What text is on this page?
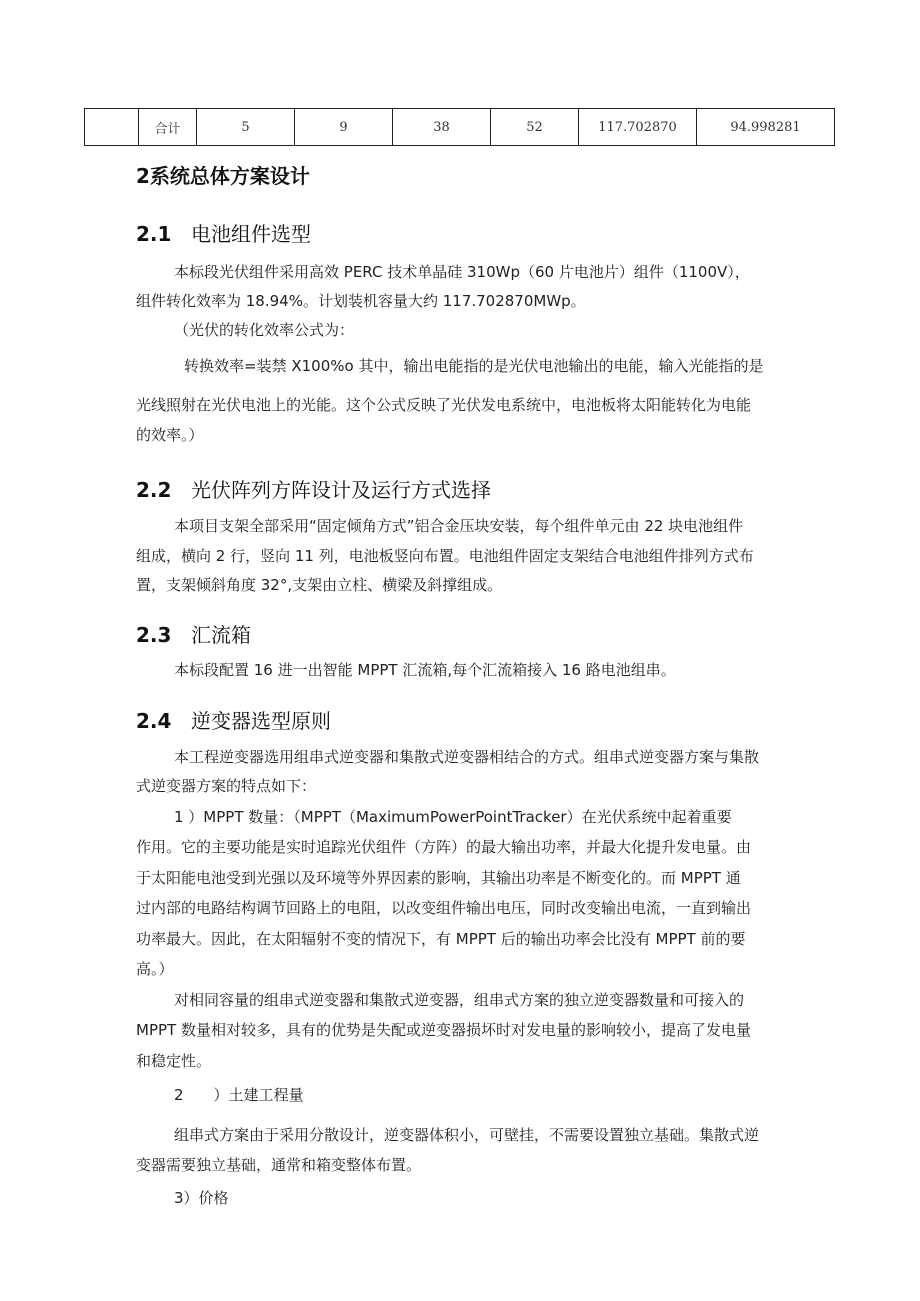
	合计	5	9	38	52	117.702870	94.998281
2系统总体方案设计
2.1 电池组件选型
本标段光伏组件采用高效 PERC 技术单晶硅 310Wp（60 片电池片）组件（1100V），
组件转化效率为 18.94%。计划装机容量大约 117.702870MWp。
（光伏的转化效率公式为：
转换效率=装禁 X100%o 其中，输出电能指的是光伏电池输出的电能，输入光能指的是
光线照射在光伏电池上的光能。这个公式反映了光伏发电系统中，电池板将太阳能转化为电能
的效率。）
2.2 光伏阵列方阵设计及运行方式选择
本项目支架全部采用“固定倾角方式”铝合金压块安装，每个组件单元由 22 块电池组件
组成，横向 2 行，竖向 11 列，电池板竖向布置。电池组件固定支架结合电池组件排列方式布
置，支架倾斜角度 32°,支架由立柱、横梁及斜撑组成。
2.3 汇流箱
本标段配置 16 进一出智能 MPPT 汇流箱,每个汇流箱接入 16 路电池组串。
2.4 逆变器选型原则
本工程逆变器选用组串式逆变器和集散式逆变器相结合的方式。组串式逆变器方案与集散
式逆变器方案的特点如下：
1 ）MPPT 数量：（MPPT（MaximumPowerPointTracker）在光伏系统中起着重要
作用。它的主要功能是实时追踪光伏组件（方阵）的最大输出功率，并最大化提升发电量。由
于太阳能电池受到光强以及环境等外界因素的影响，其输出功率是不断变化的。而 MPPT 通
过内部的电路结构调节回路上的电阻，以改变组件输出电压，同时改变输出电流，一直到输出
功率最大。因此，在太阳辐射不变的情况下，有 MPPT 后的输出功率会比没有 MPPT 前的要
高。）
对相同容量的组串式逆变器和集散式逆变器，组串式方案的独立逆变器数量和可接入的
MPPT 数量相对较多，具有的优势是失配或逆变器损坏时对发电量的影响较小，提高了发电量
和稳定性。
2　　）土建工程量
组串式方案由于采用分散设计，逆变器体积小，可壁挂，不需要设置独立基础。集散式逆
变器需要独立基础，通常和箱变整体布置。
3）价格
